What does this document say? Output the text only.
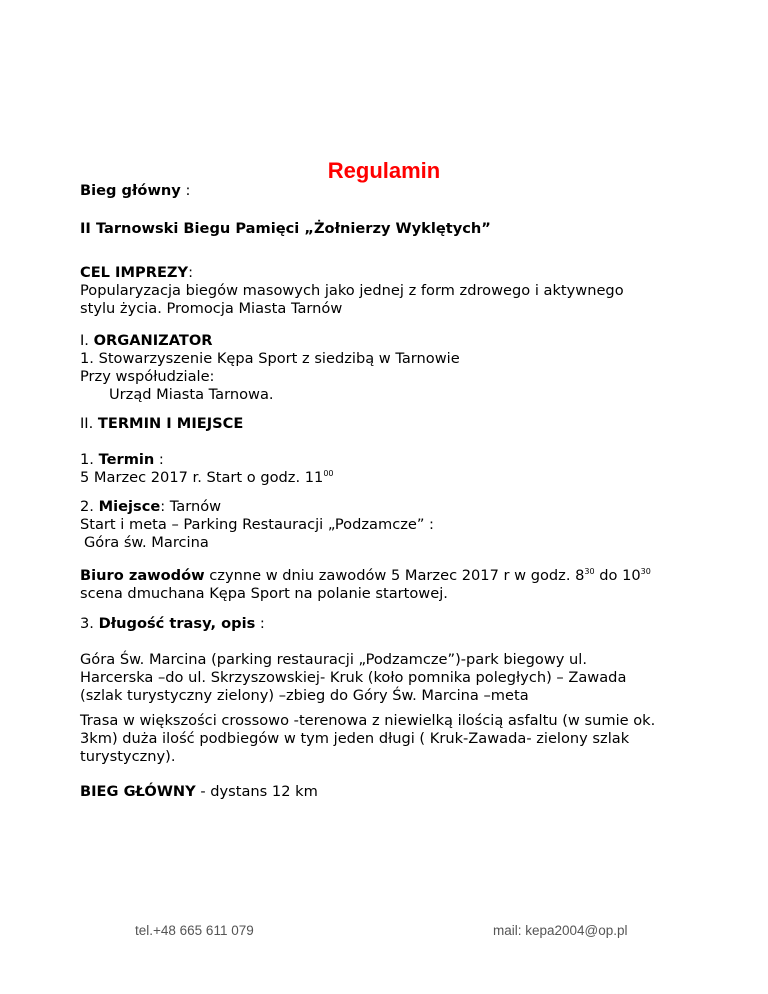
Regulamin
Bieg główny :
II Tarnowski Biegu Pamięci „Żołnierzy Wyklętych”
CEL IMPREZY:
Popularyzacja biegów masowych jako jednej z form zdrowego i aktywnego
stylu życia. Promocja Miasta Tarnów
I. ORGANIZATOR
1. Stowarzyszenie Kępa Sport z siedzibą w Tarnowie
Przy współudziale:
Urząd Miasta Tarnowa.
II. TERMIN I MIEJSCE
1. Termin :
5 Marzec 2017 r. Start o godz. $11^{00}$
2. Miejsce: Tarnów
Start i meta – Parking Restauracji „Podzamcze” :
Góra św. Marcina
Biuro zawodów czynne w dniu zawodów 5 Marzec 2017 r w godz. $8^{30}$ do $10^{30}$
scena dmuchana Kępa Sport na polanie startowej.
3. Długość trasy, opis :
Góra Św. Marcina (parking restauracji „Podzamcze”)-park biegowy ul.
Harcerska –do ul. Skrzyszowskiej- Kruk (koło pomnika poległych) – Zawada
(szlak turystyczny zielony) –zbieg do Góry Św. Marcina –meta
Trasa w większości crossowo -terenowa z niewielką ilością asfaltu (w sumie ok.
3km) duża ilość podbiegów w tym jeden długi ( Kruk-Zawada- zielony szlak
turystyczny).
BIEG GŁÓWNY - dystans 12 km
tel.+48 665 611 079	mail: kepa2004@op.pl
